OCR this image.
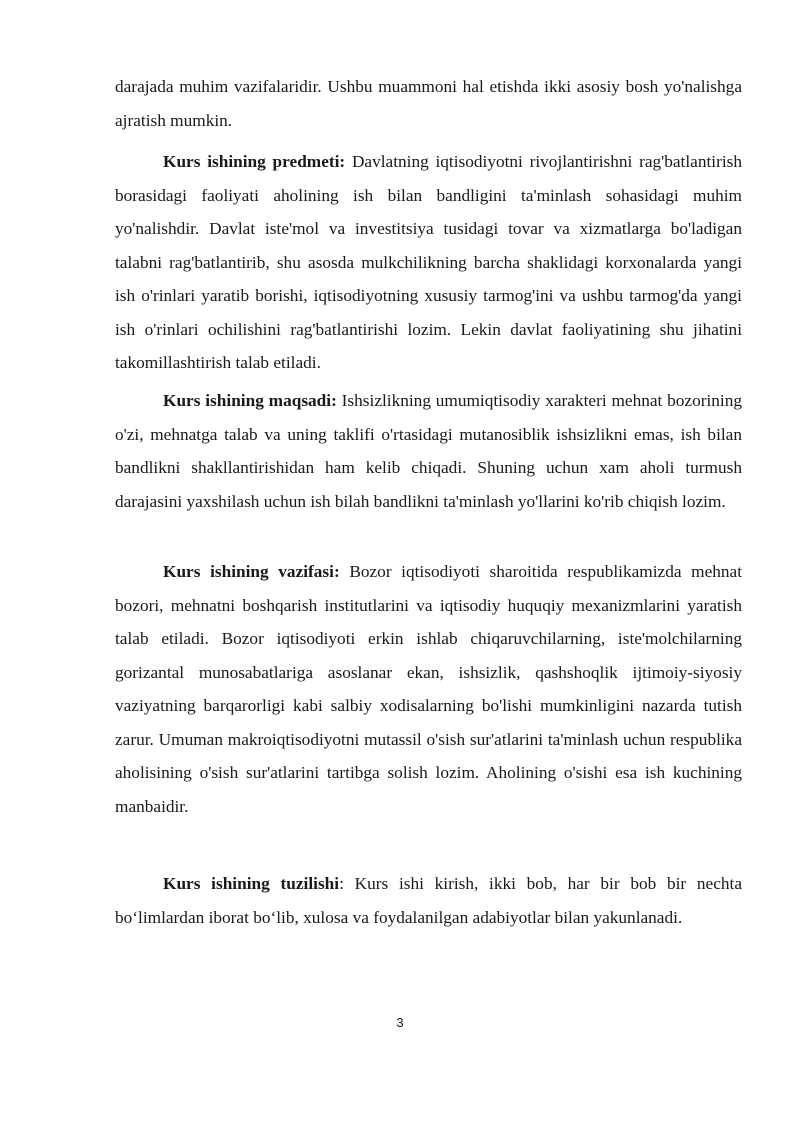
darajada muhim vazifalaridir. Ushbu muammoni hal etishda ikki asosiy bosh yo'nalishga ajratish mumkin.

Kurs ishining predmeti: Davlatning iqtisodiyotni rivojlantirishni rag'batlantirish borasidagi faoliyati aholining ish bilan bandligini ta'minlash sohasidagi muhim yo'nalishdir. Davlat iste'mol va investitsiya tusidagi tovar va xizmatlarga bo'ladigan talabni rag'batlantirib, shu asosda mulkchilikning barcha shaklidagi korxonalarda yangi ish o'rinlari yaratib borishi, iqtisodiyotning xususiy tarmog'ini va ushbu tarmog'da yangi ish o'rinlari ochilishini rag'batlantirishi lozim. Lekin davlat faoliyatining shu jihatini takomillashtirish talab etiladi.

Kurs ishining maqsadi: Ishsizlikning umumiqtisodiy xarakteri mehnat bozorining o'zi, mehnatga talab va uning taklifi o'rtasidagi mutanosiblik ishsizlikni emas, ish bilan bandlikni shakllantirishidan ham kelib chiqadi. Shuning uchun xam aholi turmush darajasini yaxshilash uchun ish bilah bandlikni ta'minlash yo'llarini ko'rib chiqish lozim.

Kurs ishining vazifasi: Bozor iqtisodiyoti sharoitida respublikamizda mehnat bozori, mehnatni boshqarish institutlarini va iqtisodiy huquqiy mexanizmlarini yaratish talab etiladi. Bozor iqtisodiyoti erkin ishlab chiqaruvchilarning, iste'molchilarning gorizantal munosabatlariga asoslanar ekan, ishsizlik, qashshoqlik ijtimoiy-siyosiy vaziyatning barqarorligi kabi salbiy xodisalarning bo'lishi mumkinligini nazarda tutish zarur. Umuman makroiqtisodiyotni mutassil o'sish sur'atlarini ta'minlash uchun respublika aholisining o'sish sur'atlarini tartibga solish lozim. Aholining o'sishi esa ish kuchining manbaidir.

Kurs ishining tuzilishi: Kurs ishi kirish, ikki bob, har bir bob bir nechta bo‘limlardan iborat bo‘lib, xulosa va foydalanilgan adabiyotlar bilan yakunlanadi.

3
